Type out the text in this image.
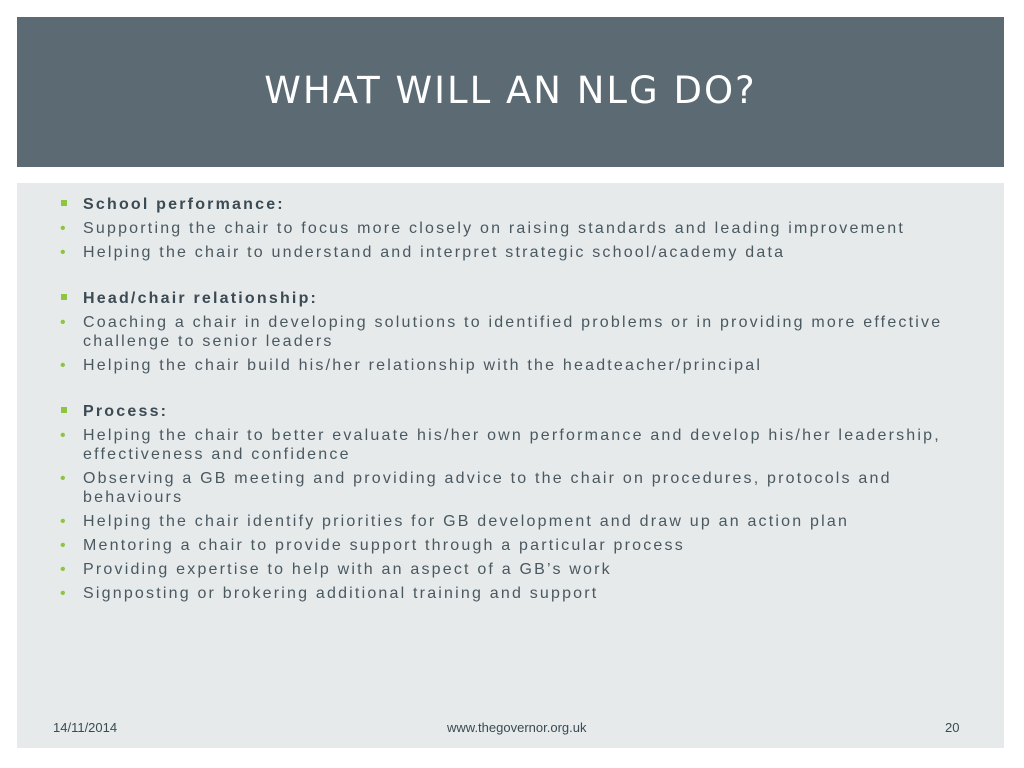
WHAT WILL AN NLG DO?
School performance:
• Supporting the chair to focus more closely on raising standards and leading improvement
• Helping the chair to understand and interpret strategic school/academy data
Head/chair relationship:
• Coaching a chair in developing solutions to identified problems or in providing more effective challenge to senior leaders
• Helping the chair build his/her relationship with the headteacher/principal
Process:
• Helping the chair to better evaluate his/her own performance and develop his/her leadership, effectiveness and confidence
• Observing a GB meeting and providing advice to the chair on procedures, protocols and behaviours
• Helping the chair identify priorities for GB development and draw up an action plan
• Mentoring a chair to provide support through a particular process
• Providing expertise to help with an aspect of a GB’s work
• Signposting or brokering additional training and support
14/11/2014	www.thegovernor.org.uk	20
